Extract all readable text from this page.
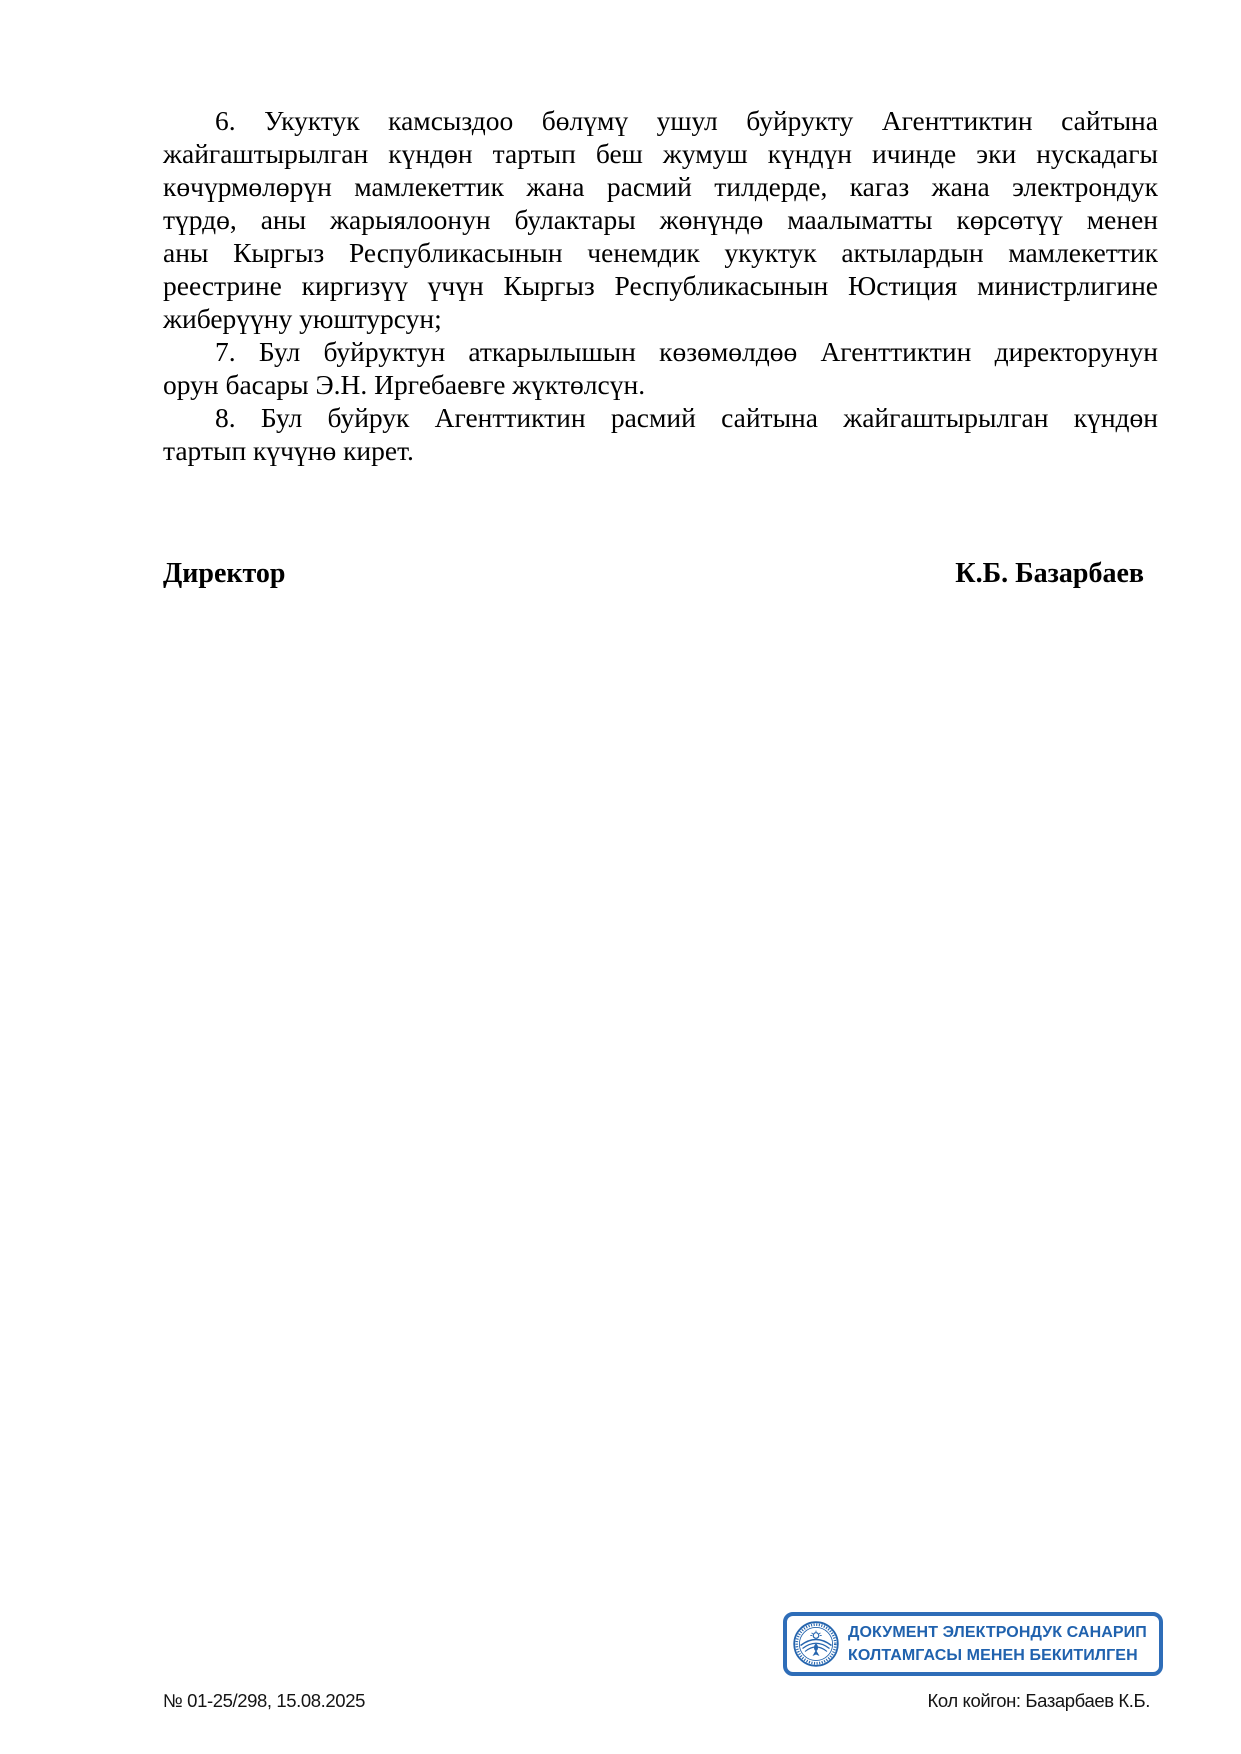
6. Укуктук камсыздоо бөлүмү ушул буйрукту Агенттиктин сайтына
жайгаштырылган күндөн тартып беш жумуш күндүн ичинде эки нускадагы
көчүрмөлөрүн мамлекеттик жана расмий тилдерде, кагаз жана электрондук
түрдө, аны жарыялоонун булактары жөнүндө маалыматты көрсөтүү менен
аны Кыргыз Республикасынын ченемдик укуктук актылардын мамлекеттик
реестрине киргизүү үчүн Кыргыз Республикасынын Юстиция министрлигине
жиберүүну уюштурсун;
7. Бул буйруктун аткарылышын көзөмөлдөө Агенттиктин директорунун
орун басары Э.Н. Иргебаевге жүктөлсүн.
8. Бул буйрук Агенттиктин расмий сайтына жайгаштырылган күндөн
тартып күчүнө кирет.
Директор	К.Б. Базарбаев
ДОКУМЕНТ ЭЛЕКТРОНДУК САНАРИП
КОЛТАМГАСЫ МЕНЕН БЕКИТИЛГЕН
№ 01-25/298, 15.08.2025	Кол койгон: Базарбаев К.Б.
